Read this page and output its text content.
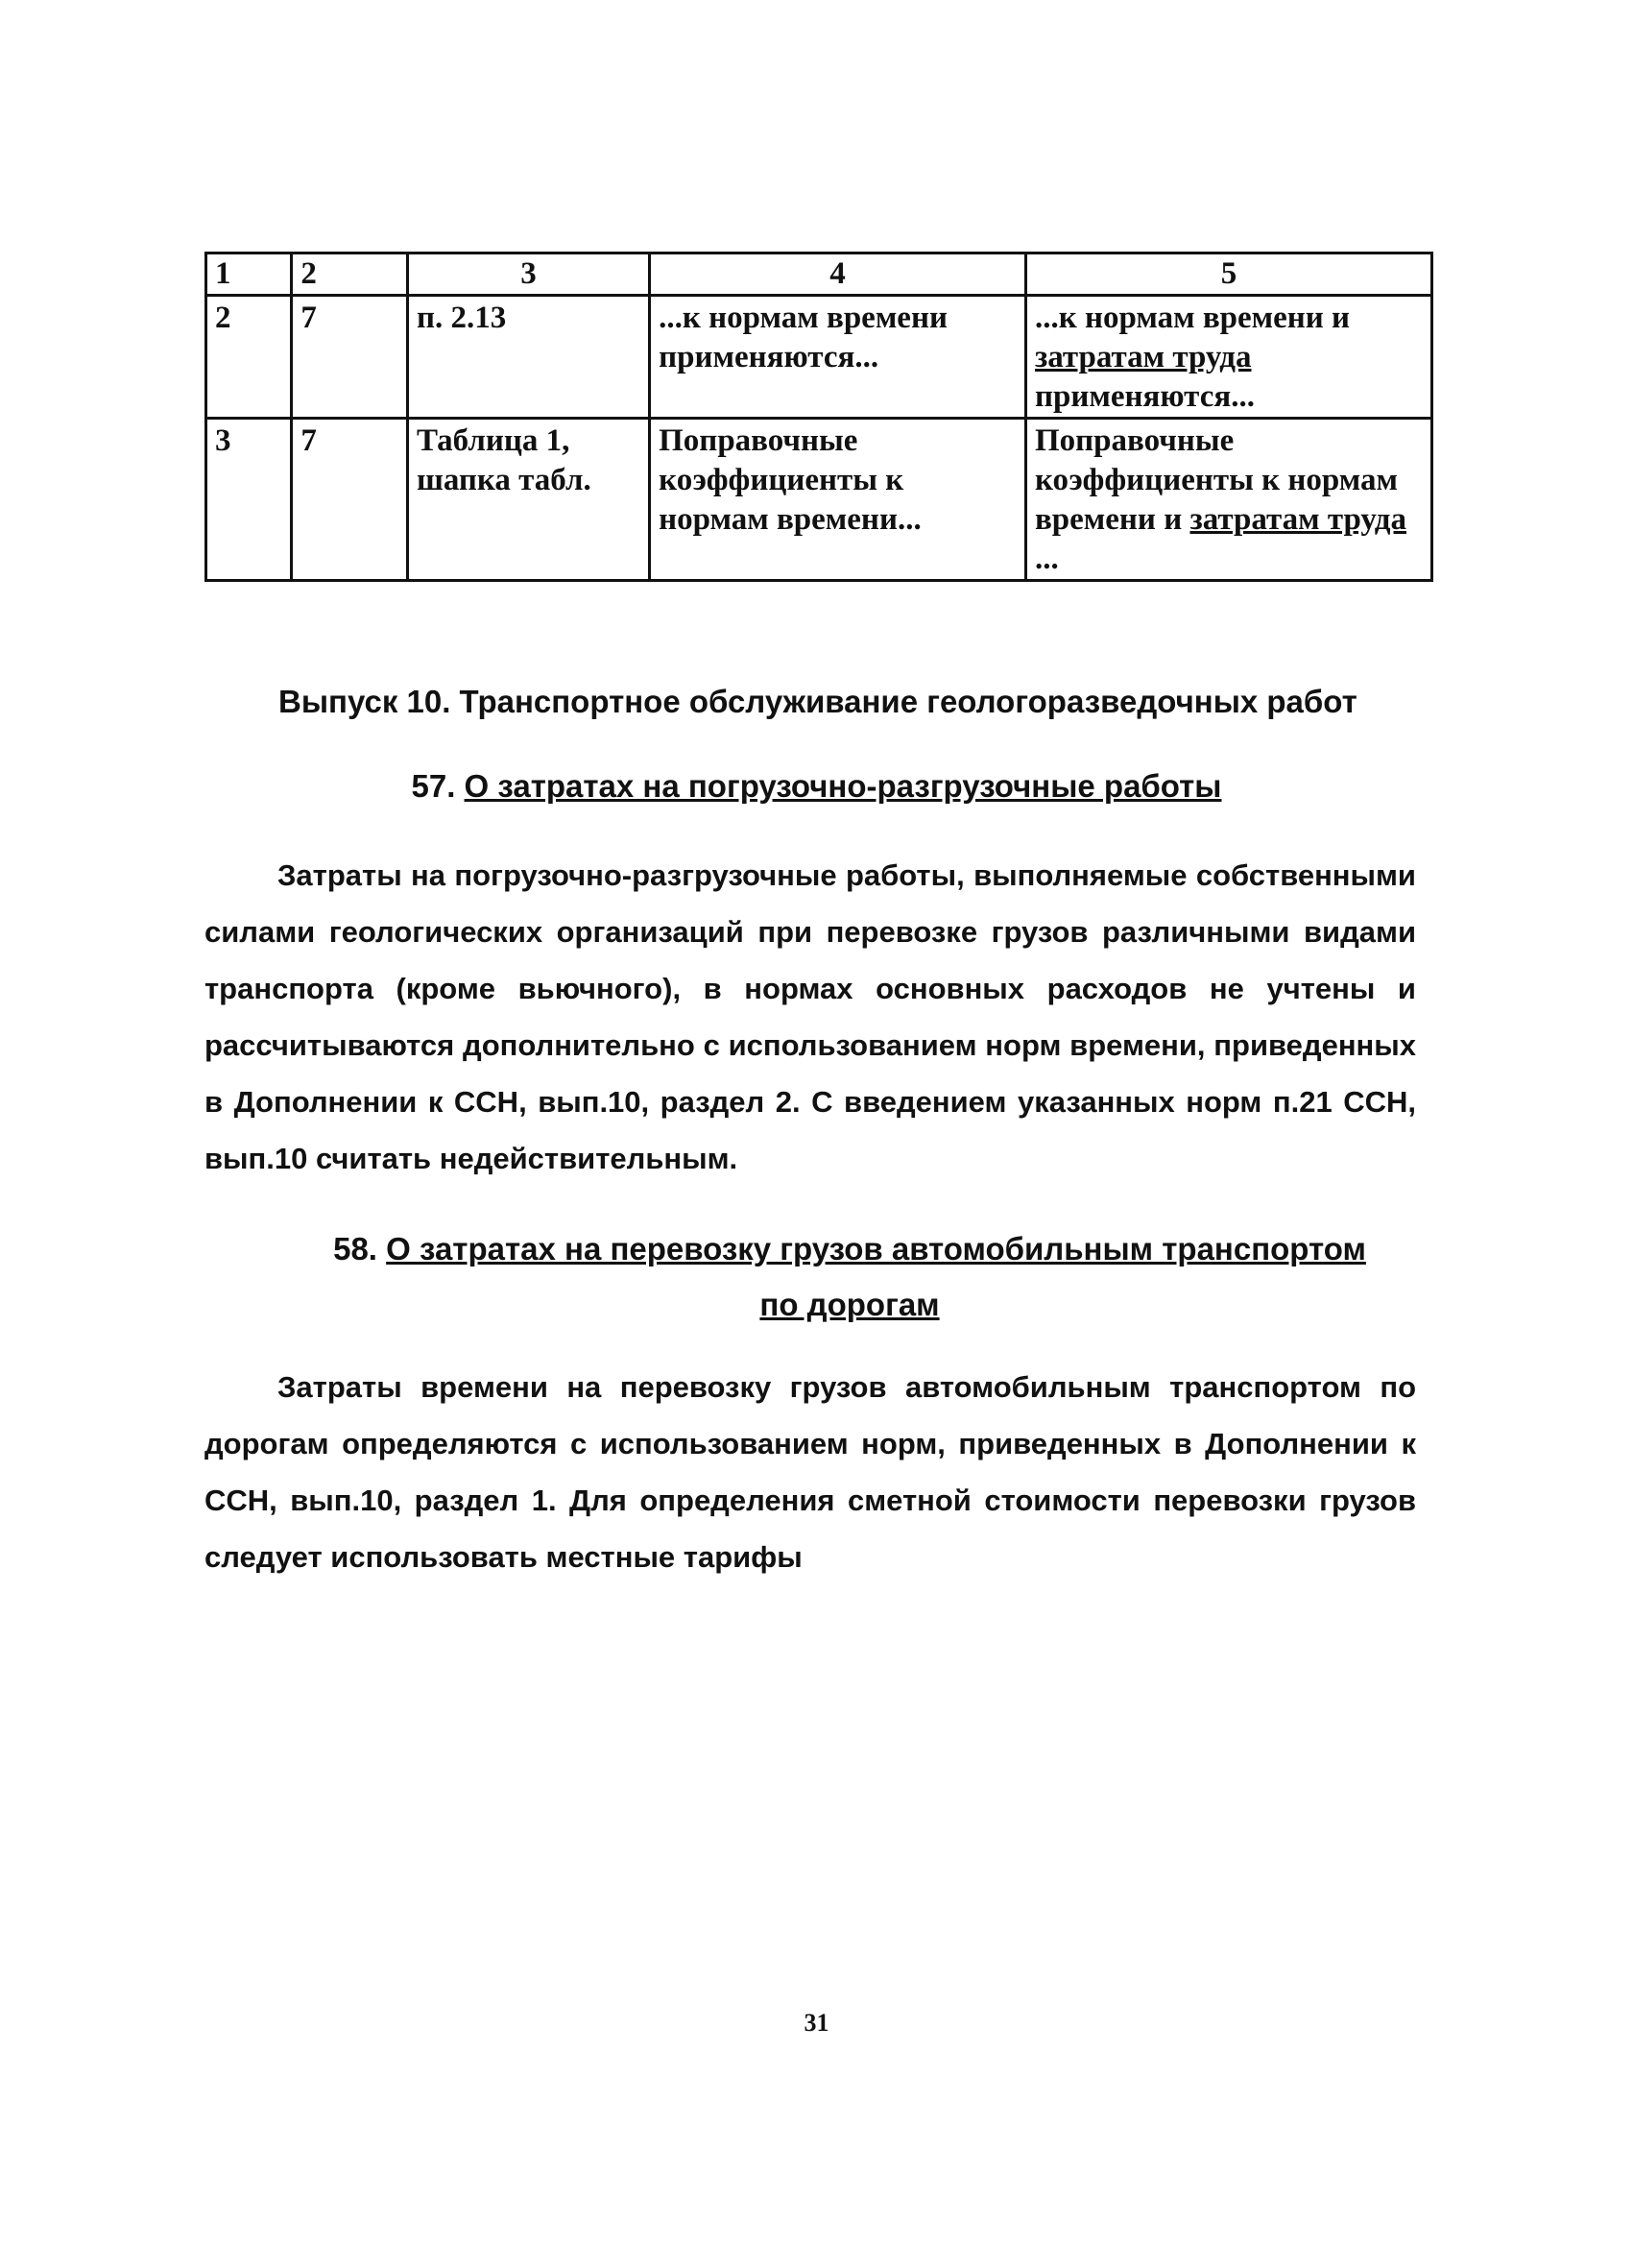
1	2	3	4	5
2	7	п. 2.13	...к нормам времени применяются...	...к нормам времени и затратам труда применяются...
3	7	Таблица 1, шапка табл.	Поправочные коэффициенты к нормам времени...	Поправочные коэффициенты к нормам времени и затратам труда ...
Выпуск 10. Транспортное обслуживание геологоразведочных работ
57. О затратах на погрузочно-разгрузочные работы

Затраты на погрузочно-разгрузочные работы, выполняемые собственными силами геологических организаций при перевозке грузов различными видами транспорта (кроме вьючного), в нормах основных расходов не учтены и рассчитываются дополнительно с использованием норм времени, приведенных в Дополнении к ССН, вып.10, раздел 2. С введением указанных норм п.21 ССН, вып.10 считать недействительным.

58. О затратах на перевозку грузов автомобильным транспортом по дорогам

Затраты времени на перевозку грузов автомобильным транспортом по дорогам определяются с использованием норм, приведенных в Дополнении к ССН, вып.10, раздел 1. Для определения сметной стоимости перевозки грузов следует использовать местные тарифы

31
